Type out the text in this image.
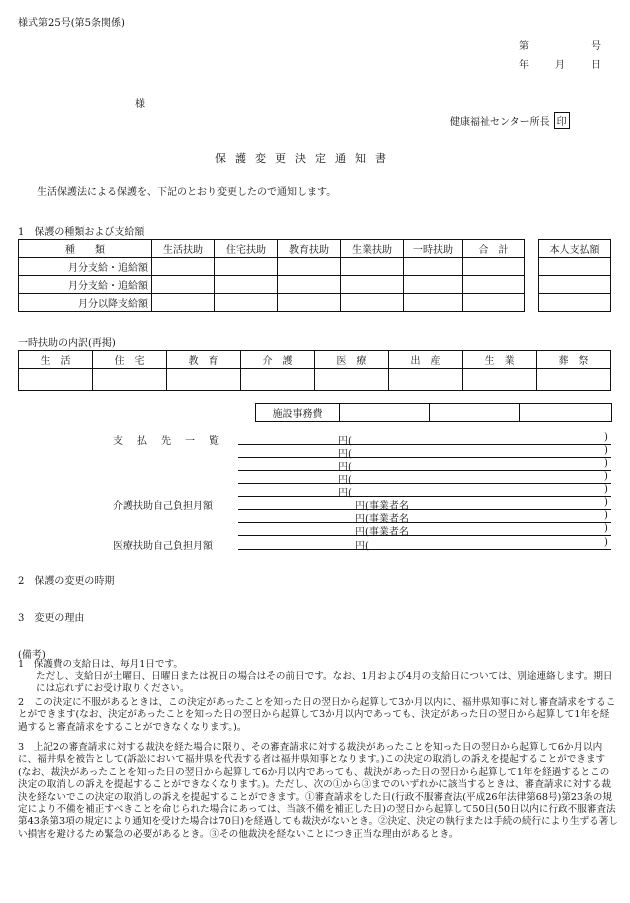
様式第25号(第5条関係)
第	号
年	月	日
様
健康福祉センター所長 印
保護変更決定通知書
生活保護法による保護を、下記のとおり変更したので通知します。
1　保護の種類および支給額
種　　類	生活扶助	住宅扶助	教育扶助	生業扶助	一時扶助	合　計
月分支給・追給額						
月分支給・追給額						
月分以降支給額						
本人支払額

一時扶助の内訳(再掲)
生　活	住　宅	教　育	介　護	医　療	出　産	生　業	葬　祭

施設事務費			
支　払　先　一　覧	円(	)
円(	)
円(	)
円(	)
円(	)
介護扶助自己負担月額	円(事業者名	)
円(事業者名	)
円(事業者名	)
医療扶助自己負担月額	円(	)
2　保護の変更の時期
3　変更の理由
(備考)
1　保護費の支給日は、毎月1日です。
ただし、支給日が土曜日、日曜日または祝日の場合はその前日です。なお、1月および4月の支給日については、別途連絡します。期日には忘れずにお受け取りください。
2　この決定に不服があるときは、この決定があったことを知った日の翌日から起算して3か月以内に、福井県知事に対し審査請求をすることができます(なお、決定があったことを知った日の翌日から起算して3か月以内であっても、決定があった日の翌日から起算して1年を経過すると審査請求をすることができなくなります。)。
3　上記2の審査請求に対する裁決を経た場合に限り、その審査請求に対する裁決があったことを知った日の翌日から起算して6か月以内に、福井県を被告として(訴訟において福井県を代表する者は福井県知事となります。)この決定の取消しの訴えを提起することができます(なお、裁決があったことを知った日の翌日から起算して6か月以内であっても、裁決があった日の翌日から起算して1年を経過するとこの決定の取消しの訴えを提起することができなくなります。)。ただし、次の①から③までのいずれかに該当するときは、審査請求に対する裁決を経ないでこの決定の取消しの訴えを提起することができます。①審査請求をした日(行政不服審査法(平成26年法律第68号)第23条の規定により不備を補正すべきことを命じられた場合にあっては、当該不備を補正した日)の翌日から起算して50日(50日以内に行政不服審査法第43条第3項の規定により通知を受けた場合は70日)を経過しても裁決がないとき。②決定、決定の執行または手続の続行により生ずる著しい損害を避けるため緊急の必要があるとき。③その他裁決を経ないことにつき正当な理由があるとき。
